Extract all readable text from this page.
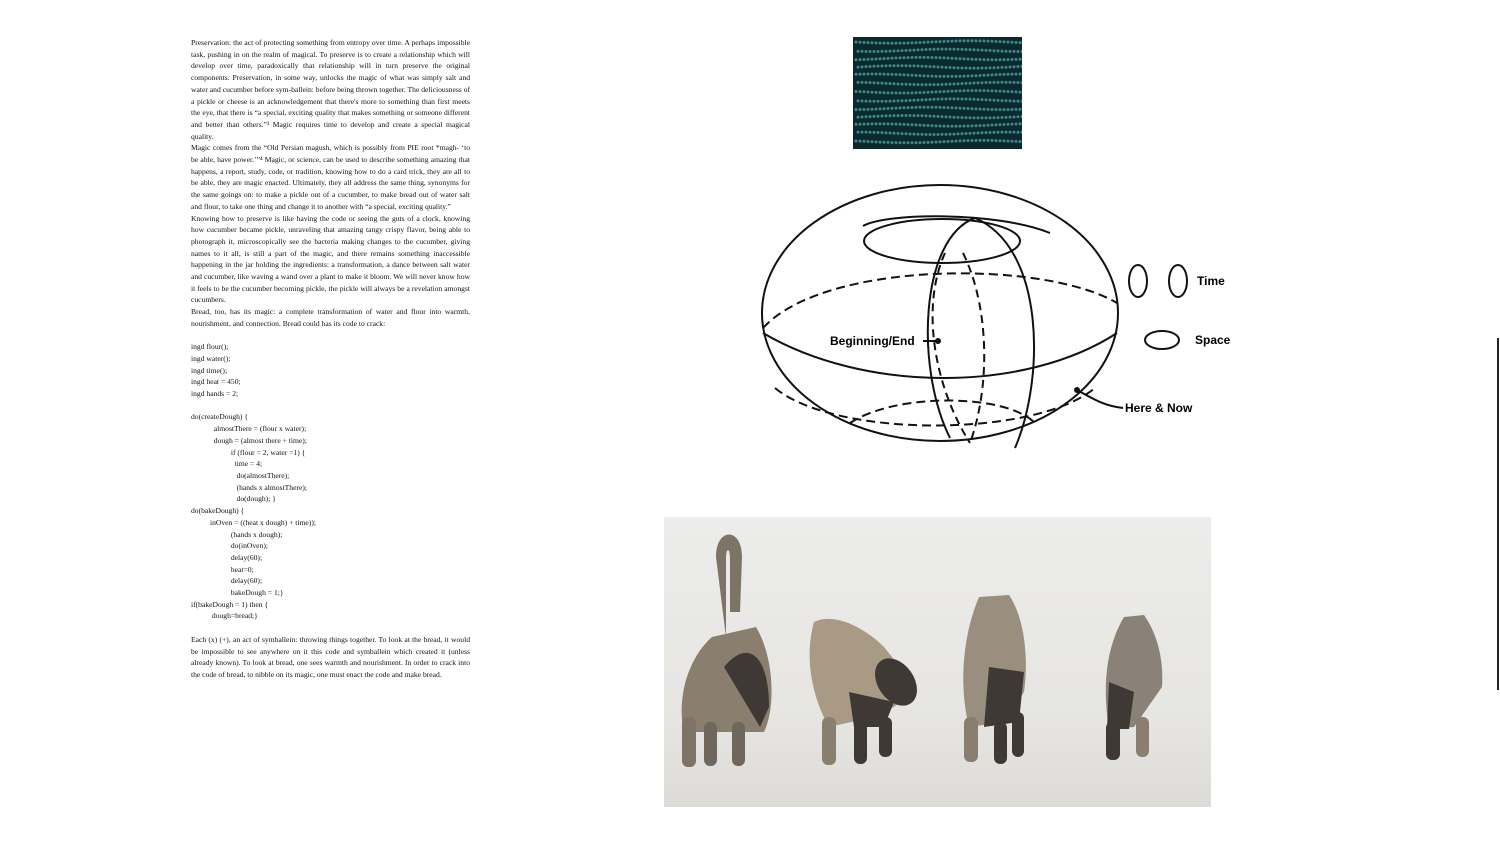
Preservation: the act of protecting something from entropy over time. A perhaps impossible task, pushing in on the realm of magical. To preserve is to create a relationship which will develop over time, paradoxically that relationship will in turn preserve the original components. Preservation, in some way, unlocks the magic of what was simply salt and water and cucumber before sym-ballein: before being thrown together. The deliciousness of a pickle or cheese is an acknowledgement that there's more to something than first meets the eye, that there is “a special, exciting quality that makes something or someone different and better than others.”³ Magic requires time to develop and create a special magical quality.

Magic comes from the “Old Persian magush, which is possibly from PIE root *magh- ‘to be able, have power.’”⁴ Magic, or science, can be used to describe something amazing that happens, a report, study, code, or tradition, knowing how to do a card trick, they are all to be able, they are magic enacted. Ultimately, they all address the same thing, synonyms for the same goings on: to make a pickle out of a cucumber, to make bread out of water salt and flour, to take one thing and change it to another with “a special, exciting quality.”

Knowing how to preserve is like having the code or seeing the guts of a clock, knowing how cucumber became pickle, unraveling that amazing tangy crispy flavor, being able to photograph it, microscopically see the bacteria making changes to the cucumber, giving names to it all, is still a part of the magic, and there remains something inaccessible happening in the jar holding the ingredients: a transformation, a dance between salt water and cucumber, like waving a wand over a plant to make it bloom. We will never know how it feels to be the cucumber becoming pickle, the pickle will always be a revelation amongst cucumbers.

Bread, too, has its magic: a complete transformation of water and flour into warmth, nourishment, and connection. Bread could has its code to crack:

ingd flour();
ingd water();
ingd time();
ingd heat = 450;
ingd hands = 2;
do(createDough) {
almostThere = (flour x water);
dough = (almost there + time);
if (flour = 2, water =1) {
time = 4;
do(almostThere);
(hands x almostThere);
do(dough); }
do(bakeDough) {
inOven = ((heat x dough) + time));
(hands x dough);
do(inOven);
delay(60);
heat=0;
delay(60);
bakeDough = 1;}
if(bakeDough = 1) then {
dough=bread;}

Each (x) (+), an act of symballein: throwing things together. To look at the bread, it would be impossible to see anywhere on it this code and symballein which created it (unless already known). To look at bread, one sees warmth and nourishment. In order to crack into the code of bread, to nibble on its magic, one must enact the code and make bread.

Beginning/End
Time
Space
Here & Now
